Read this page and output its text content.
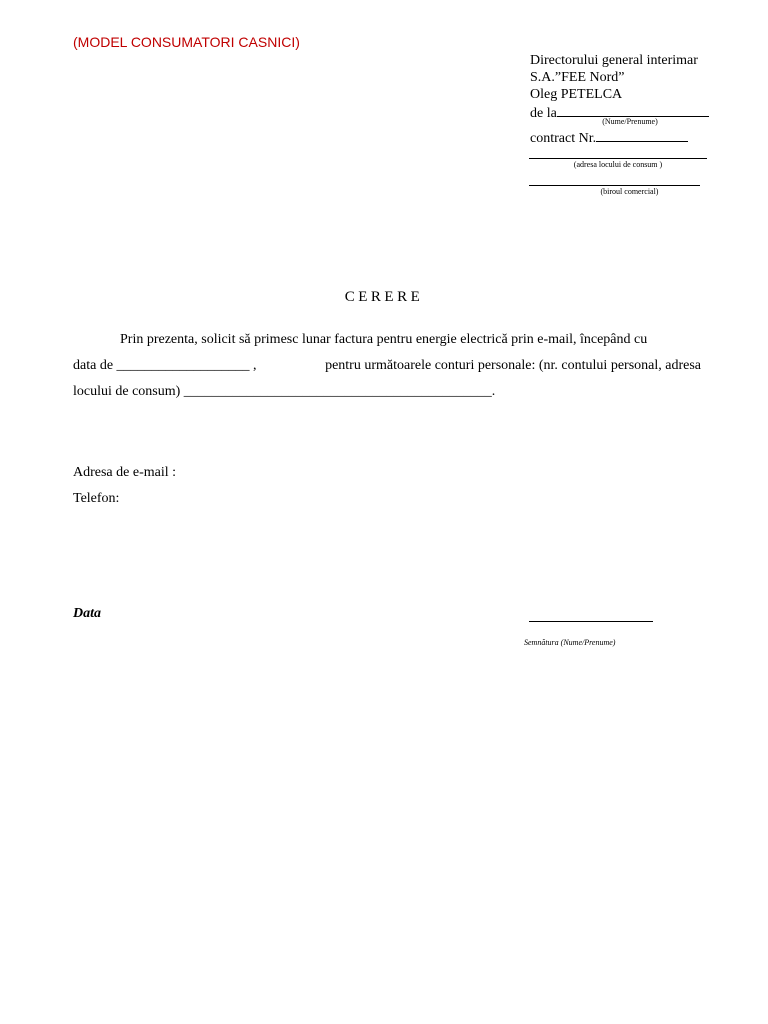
(MODEL CONSUMATORI CASNICI)
Directorului general interimar
S.A.”FEE Nord”
Oleg PETELCA
de la
(Nume/Prenume)
contract Nr.
(adresa locului de consum )
(biroul comercial)
CERERE
Prin prezenta, solicit să primesc lunar factura pentru energie electrică prin e-mail, începând cu
data de ___________________ ,	pentru următoarele conturi personale: (nr. contului personal, adresa
locului de consum) ____________________________________________.
Adresa de e-mail :
Telefon:
Data
Semnătura (Nume/Prenume)
